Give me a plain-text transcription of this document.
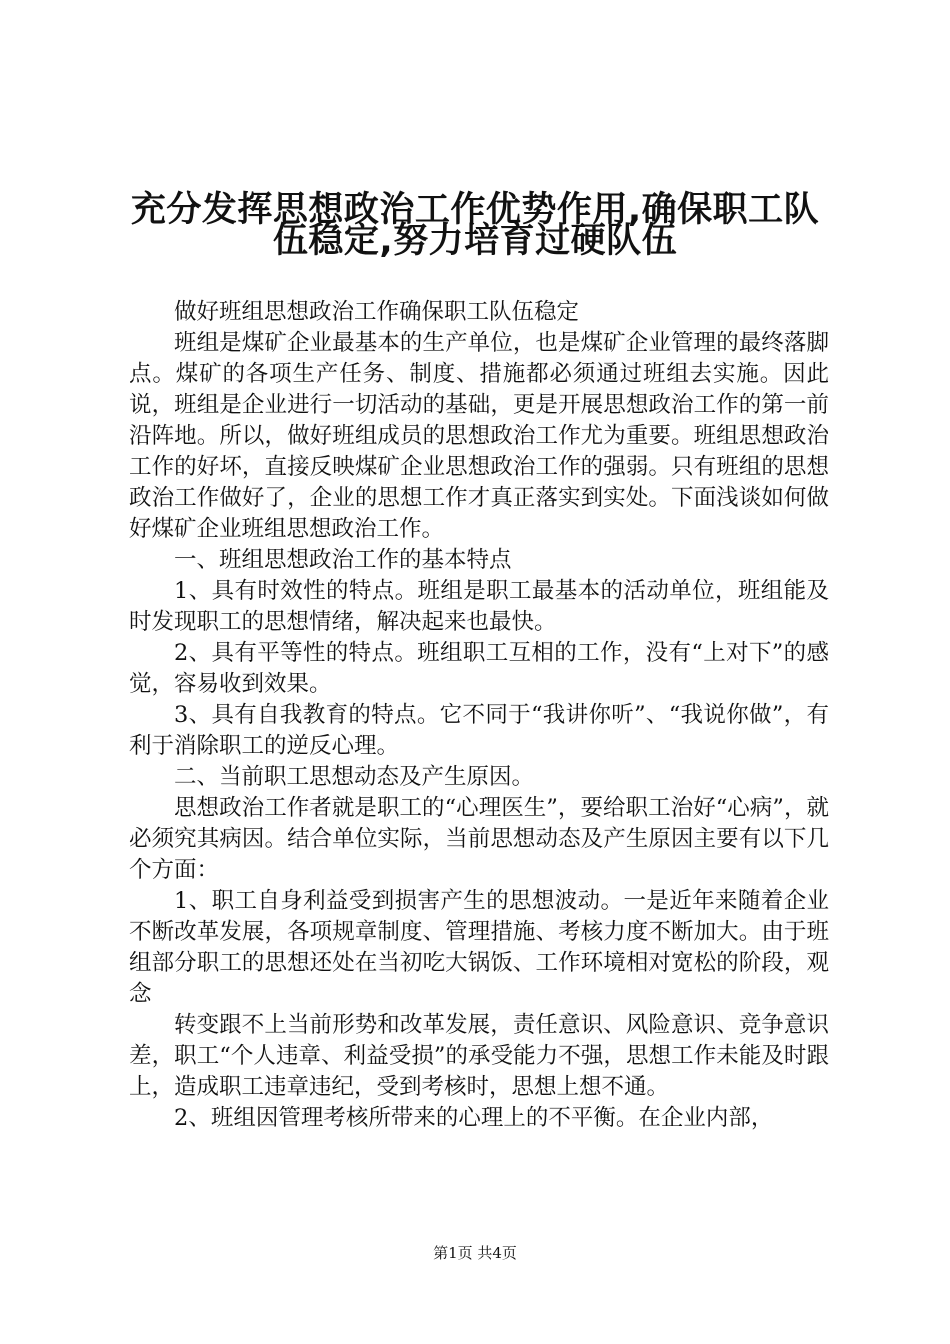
充分发挥思想政治工作优势作用,确保职工队
伍稳定,努力培育过硬队伍

做好班组思想政治工作确保职工队伍稳定

班组是煤矿企业最基本的生产单位，也是煤矿企业管理的最终落脚点。煤矿的各项生产任务、制度、措施都必须通过班组去实施。因此说，班组是企业进行一切活动的基础，更是开展思想政治工作的第一前沿阵地。所以，做好班组成员的思想政治工作尤为重要。班组思想政治工作的好坏，直接反映煤矿企业思想政治工作的强弱。只有班组的思想政治工作做好了，企业的思想工作才真正落实到实处。下面浅谈如何做好煤矿企业班组思想政治工作。

一、班组思想政治工作的基本特点

1、具有时效性的特点。班组是职工最基本的活动单位，班组能及时发现职工的思想情绪，解决起来也最快。

2、具有平等性的特点。班组职工互相的工作，没有“上对下”的感觉，容易收到效果。

3、具有自我教育的特点。它不同于“我讲你听”、“我说你做”，有利于消除职工的逆反心理。

二、当前职工思想动态及产生原因。

思想政治工作者就是职工的“心理医生”，要给职工治好“心病”，就必须究其病因。结合单位实际，当前思想动态及产生原因主要有以下几个方面：

1、职工自身利益受到损害产生的思想波动。一是近年来随着企业不断改革发展，各项规章制度、管理措施、考核力度不断加大。由于班组部分职工的思想还处在当初吃大锅饭、工作环境相对宽松的阶段，观念

转变跟不上当前形势和改革发展，责任意识、风险意识、竞争意识差，职工“个人违章、利益受损”的承受能力不强，思想工作未能及时跟上，造成职工违章违纪，受到考核时，思想上想不通。

2、班组因管理考核所带来的心理上的不平衡。在企业内部，

第1页 共4页
